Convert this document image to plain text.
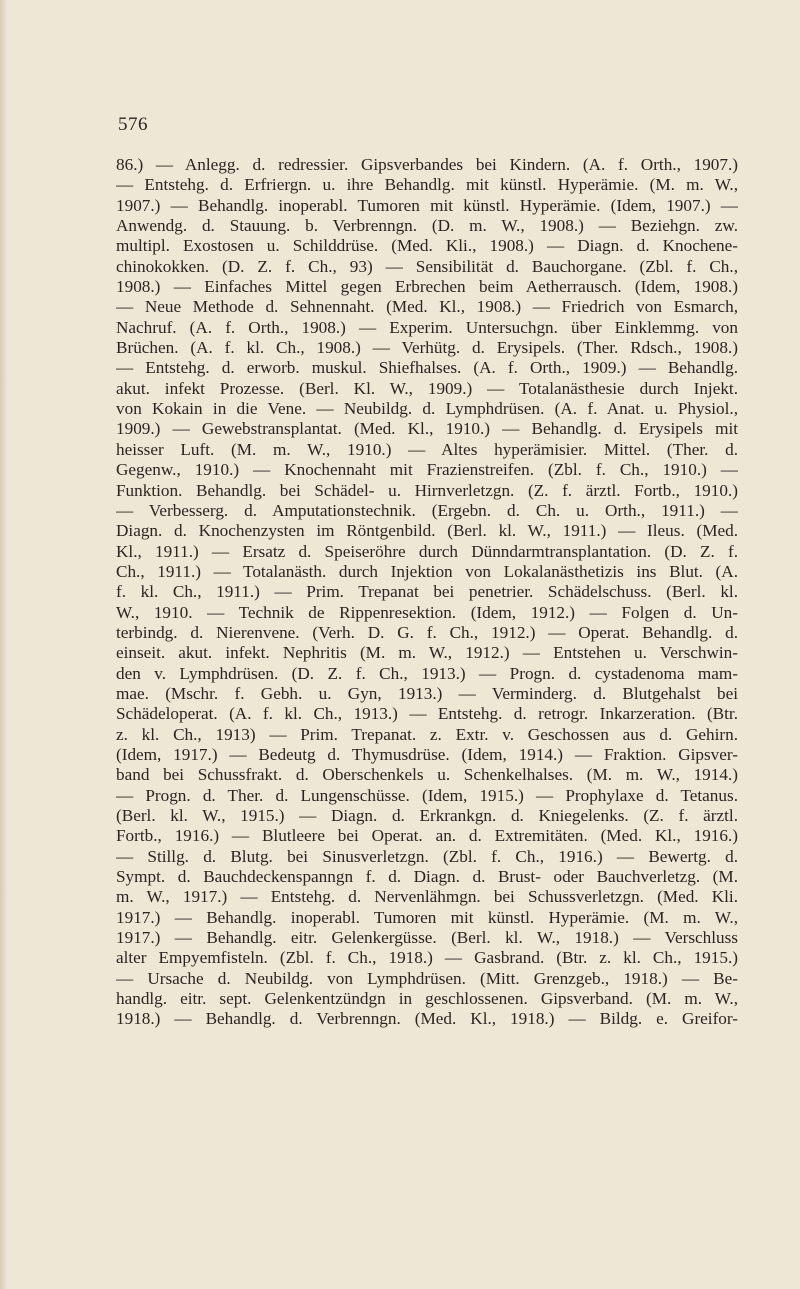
576
86.) — Anlegg. d. redressier. Gipsverbandes bei Kindern. (A. f. Orth., 1907.)
— Entstehg. d. Erfriergn. u. ihre Behandlg. mit künstl. Hyperämie. (M. m. W.,
1907.) — Behandlg. inoperabl. Tumoren mit künstl. Hyperämie. (Idem, 1907.) —
Anwendg. d. Stauung. b. Verbrenngn. (D. m. W., 1908.) — Beziehgn. zw.
multipl. Exostosen u. Schilddrüse. (Med. Kli., 1908.) — Diagn. d. Knochene-
chinokokken. (D. Z. f. Ch., 93) — Sensibilität d. Bauchorgane. (Zbl. f. Ch.,
1908.) — Einfaches Mittel gegen Erbrechen beim Aetherrausch. (Idem, 1908.)
— Neue Methode d. Sehnennaht. (Med. Kl., 1908.) — Friedrich von Esmarch,
Nachruf. (A. f. Orth., 1908.) — Experim. Untersuchgn. über Einklemmg. von
Brüchen. (A. f. kl. Ch., 1908.) — Verhütg. d. Erysipels. (Ther. Rdsch., 1908.)
— Entstehg. d. erworb. muskul. Shiefhalses. (A. f. Orth., 1909.) — Behandlg.
akut. infekt Prozesse. (Berl. Kl. W., 1909.) — Totalanästhesie durch Injekt.
von Kokain in die Vene. — Neubildg. d. Lymphdrüsen. (A. f. Anat. u. Physiol.,
1909.) — Gewebstransplantat. (Med. Kl., 1910.) — Behandlg. d. Erysipels mit
heisser Luft. (M. m. W., 1910.) — Altes hyperämisier. Mittel. (Ther. d.
Gegenw., 1910.) — Knochennaht mit Frazienstreifen. (Zbl. f. Ch., 1910.) —
Funktion. Behandlg. bei Schädel- u. Hirnverletzgn. (Z. f. ärztl. Fortb., 1910.)
— Verbesserg. d. Amputationstechnik. (Ergebn. d. Ch. u. Orth., 1911.) —
Diagn. d. Knochenzysten im Röntgenbild. (Berl. kl. W., 1911.) — Ileus. (Med.
Kl., 1911.) — Ersatz d. Speiseröhre durch Dünndarmtransplantation. (D. Z. f.
Ch., 1911.) — Totalanästh. durch Injektion von Lokalanästhetizis ins Blut. (A.
f. kl. Ch., 1911.) — Prim. Trepanat bei penetrier. Schädelschuss. (Berl. kl.
W., 1910. — Technik de Rippenresektion. (Idem, 1912.) — Folgen d. Un-
terbindg. d. Nierenvene. (Verh. D. G. f. Ch., 1912.) — Operat. Behandlg. d.
einseit. akut. infekt. Nephritis (M. m. W., 1912.) — Entstehen u. Verschwin-
den v. Lymphdrüsen. (D. Z. f. Ch., 1913.) — Progn. d. cystadenoma mam-
mae. (Mschr. f. Gebh. u. Gyn, 1913.) — Verminderg. d. Blutgehalst bei
Schädeloperat. (A. f. kl. Ch., 1913.) — Entstehg. d. retrogr. Inkarzeration. (Btr.
z. kl. Ch., 1913) — Prim. Trepanat. z. Extr. v. Geschossen aus d. Gehirn.
(Idem, 1917.) — Bedeutg d. Thymusdrüse. (Idem, 1914.) — Fraktion. Gipsver-
band bei Schussfrakt. d. Oberschenkels u. Schenkelhalses. (M. m. W., 1914.)
— Progn. d. Ther. d. Lungenschüsse. (Idem, 1915.) — Prophylaxe d. Tetanus.
(Berl. kl. W., 1915.) — Diagn. d. Erkrankgn. d. Kniegelenks. (Z. f. ärztl.
Fortb., 1916.) — Blutleere bei Operat. an. d. Extremitäten. (Med. Kl., 1916.)
— Stillg. d. Blutg. bei Sinusverletzgn. (Zbl. f. Ch., 1916.) — Bewertg. d.
Sympt. d. Bauchdeckenspanngn f. d. Diagn. d. Brust- oder Bauchverletzg. (M.
m. W., 1917.) — Entstehg. d. Nervenlähmgn. bei Schussverletzgn. (Med. Kli.
1917.) — Behandlg. inoperabl. Tumoren mit künstl. Hyperämie. (M. m. W.,
1917.) — Behandlg. eitr. Gelenkergüsse. (Berl. kl. W., 1918.) — Verschluss
alter Empyemfisteln. (Zbl. f. Ch., 1918.) — Gasbrand. (Btr. z. kl. Ch., 1915.)
— Ursache d. Neubildg. von Lymphdrüsen. (Mitt. Grenzgeb., 1918.) — Be-
handlg. eitr. sept. Gelenkentzündgn in geschlossenen. Gipsverband. (M. m. W.,
1918.) — Behandlg. d. Verbrenngn. (Med. Kl., 1918.) — Bildg. e. Greifor-
